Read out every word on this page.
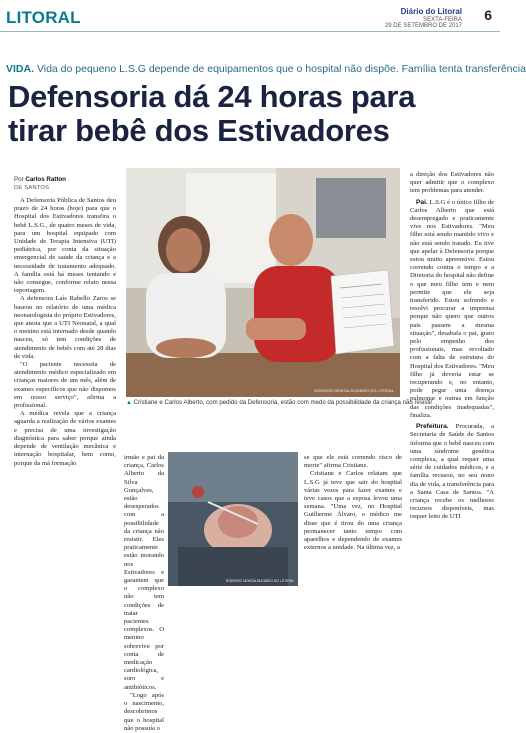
LITORAL	Diário do Litoral
SEXTA-FEIRA
29 DE SETEMBRO DE 2017
6
VIDA. Vida do pequeno L.S.G depende de equipamentos que o hospital não dispõe. Família tenta transferência
Defensoria dá 24 horas para
tirar bebê dos Estivadores
Por Carlos Ratton
DE SANTOS

A Defensoria Pública de Santos deu prazo de 24 horas (hoje) para que o Hospital dos Estivadores transfira o bebê L.S.G., de quatro meses de vida, para um hospital equipado com Unidade de Terapia Intensiva (UTI) pediátrica, por conta da situação emergencial de saúde da criança e a necessidade de tratamento adequado. A família está há meses tentando e não consegue, conforme relato nessa reportagem.

A defensora Laís Rabello Zaros se baseou no relatório de uma médica neonatologista do próprio Estivadores, que atesta que a UTI Neonatal, a qual o menino está internado desde quando nasceu, só tem condições de atendimento de bebês com até 28 dias de vida.

"O paciente necessita de atendimento médico especializado em crianças maiores de um mês, além de exames específicos que não dispomos em nosso serviço", afirma a profissional.

A médica revela que a criança aguarda a realização de vários exames e precisa de uma investigação diagnóstica para saber porque ainda depende de ventilação mecânica e internação hospitalar, bem como, porque da má formação

RODRIGO MONTALDI/DIÁRIO DO LITORAL
▲ Cristiane e Carlos Alberto, com pedido da Defensoria, estão com medo da possibilidade da criança não resistir

irmão e pai da criança, Carlos Alberto da Silva Gonçalves, estão desesperados com a possibilidade da criança não resistir. Eles praticamente estão morando nos Estivadores e garantem que o complexo não tem condições de tratar pacientes complexos. O menino sobrevive por conta de medicação cardiológica, soro e antibióticos.

"Logo após o nascimento, descobrimos que o hospital não possuía o

RODRIGO MONTALDI/DIÁRIO DO LITORAL

se que ele está correndo risco de morte" afirma Cristiane.

Cristiane e Carlos relatam que L.S.G já teve que sair do hospital várias vezes para fazer exames e teve casos que a esposa levou uma semana. "Uma vez, no Hospital Guilherme Álvaro, o médico me disse que é tirou do uma criança permanecer tanto tempo com aparelhos e dependendo de exames externos a unidade. Na última vez, a

a direção dos Estivadores não quer admitir que o complexo tem problemas para atender.

Pai. L.S.G é o único filho de Carlos Alberto que está desempregado e praticamente vive nos Estivadores. "Meu filho está sendo mantido vivo e não está sendo tratado. Eu tive que apelar à Defensoria porque estou muito apreensivo. Estou correndo contra o tempo e a Diretoria do hospital não define o que meu filho tem e nem permite que ele seja transferido. Estou sofrendo e resolvi procurar a imprensa porque não quero que outros pais passem a mesma situação", desabafa o pai, grato pelo empenho dos profissionais, mas revoltado com a falta de estrutura do Hospital dos Estivadores. "Meu filho já deveria estar se recuperando e, no entanto, pode pegar uma doença pulmonar e outras em função das condições inadequadas", finaliza.

Prefeitura. Procurada, a Secretaria de Saúde de Santos informa que o bebê nasceu com uma síndrome genética complexa, a qual requer uma série de cuidados médicos, e a família recusou, no seu nono dia de vida, a transferência para a Santa Casa de Santos. "A criança recebe os melhores recursos disponíveis, mas requer leito de UTI
